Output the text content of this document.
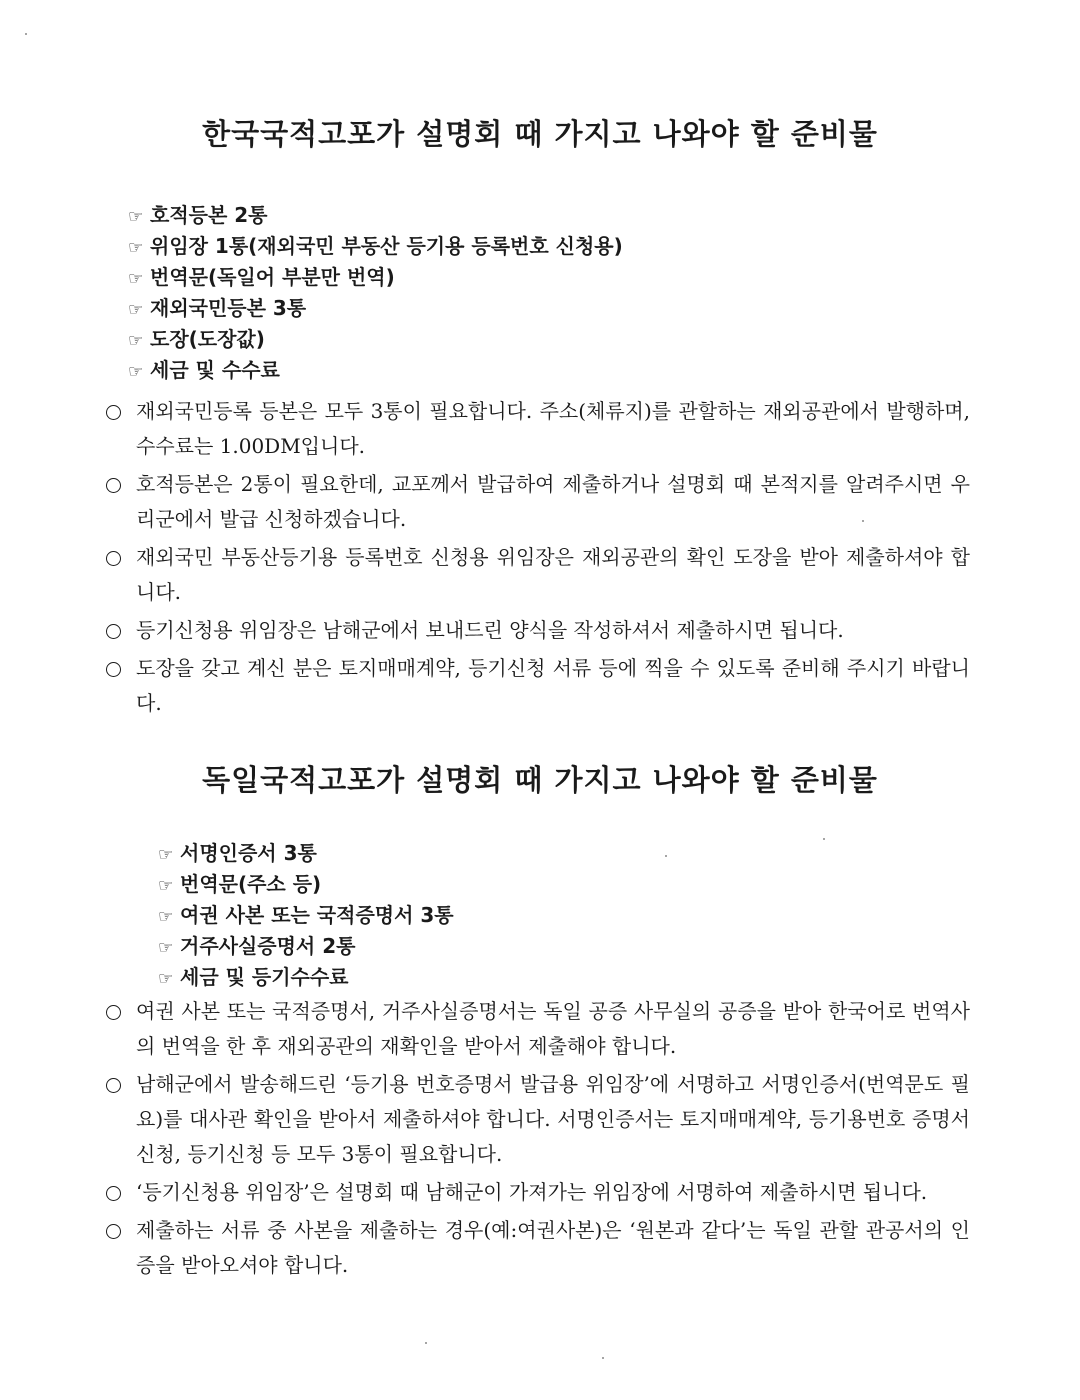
한국국적고포가 설명회 때 가지고 나와야 할 준비물
☞ 호적등본 2통
☞ 위임장 1통(재외국민 부동산 등기용 등록번호 신청용)
☞ 번역문(독일어 부분만 번역)
☞ 재외국민등본 3통
☞ 도장(도장값)
☞ 세금 및 수수료
재외국민등록 등본은 모두 3통이 필요합니다. 주소(체류지)를 관할하는 재외공관에서 발행하며, 수수료는 1.00DM입니다.
호적등본은 2통이 필요한데, 교포께서 발급하여 제출하거나 설명회 때 본적지를 알려주시면 우리군에서 발급 신청하겠습니다.
재외국민 부동산등기용 등록번호 신청용 위임장은 재외공관의 확인 도장을 받아 제출하셔야 합니다.
등기신청용 위임장은 남해군에서 보내드린 양식을 작성하셔서 제출하시면 됩니다.
도장을 갖고 계신 분은 토지매매계약, 등기신청 서류 등에 찍을 수 있도록 준비해 주시기 바랍니다.
독일국적고포가 설명회 때 가지고 나와야 할 준비물
☞ 서명인증서 3통
☞ 번역문(주소 등)
☞ 여권 사본 또는 국적증명서 3통
☞ 거주사실증명서 2통
☞ 세금 및 등기수수료
여권 사본 또는 국적증명서, 거주사실증명서는 독일 공증 사무실의 공증을 받아 한국어로 번역사의 번역을 한 후 재외공관의 재확인을 받아서 제출해야 합니다.
남해군에서 발송해드린 ‘등기용 번호증명서 발급용 위임장’에 서명하고 서명인증서(번역문도 필요)를 대사관 확인을 받아서 제출하셔야 합니다. 서명인증서는 토지매매계약, 등기용번호 증명서 신청, 등기신청 등 모두 3통이 필요합니다.
‘등기신청용 위임장’은 설명회 때 남해군이 가져가는 위임장에 서명하여 제출하시면 됩니다.
제출하는 서류 중 사본을 제출하는 경우(예:여권사본)은 ‘원본과 같다’는 독일 관할 관공서의 인증을 받아오셔야 합니다.
